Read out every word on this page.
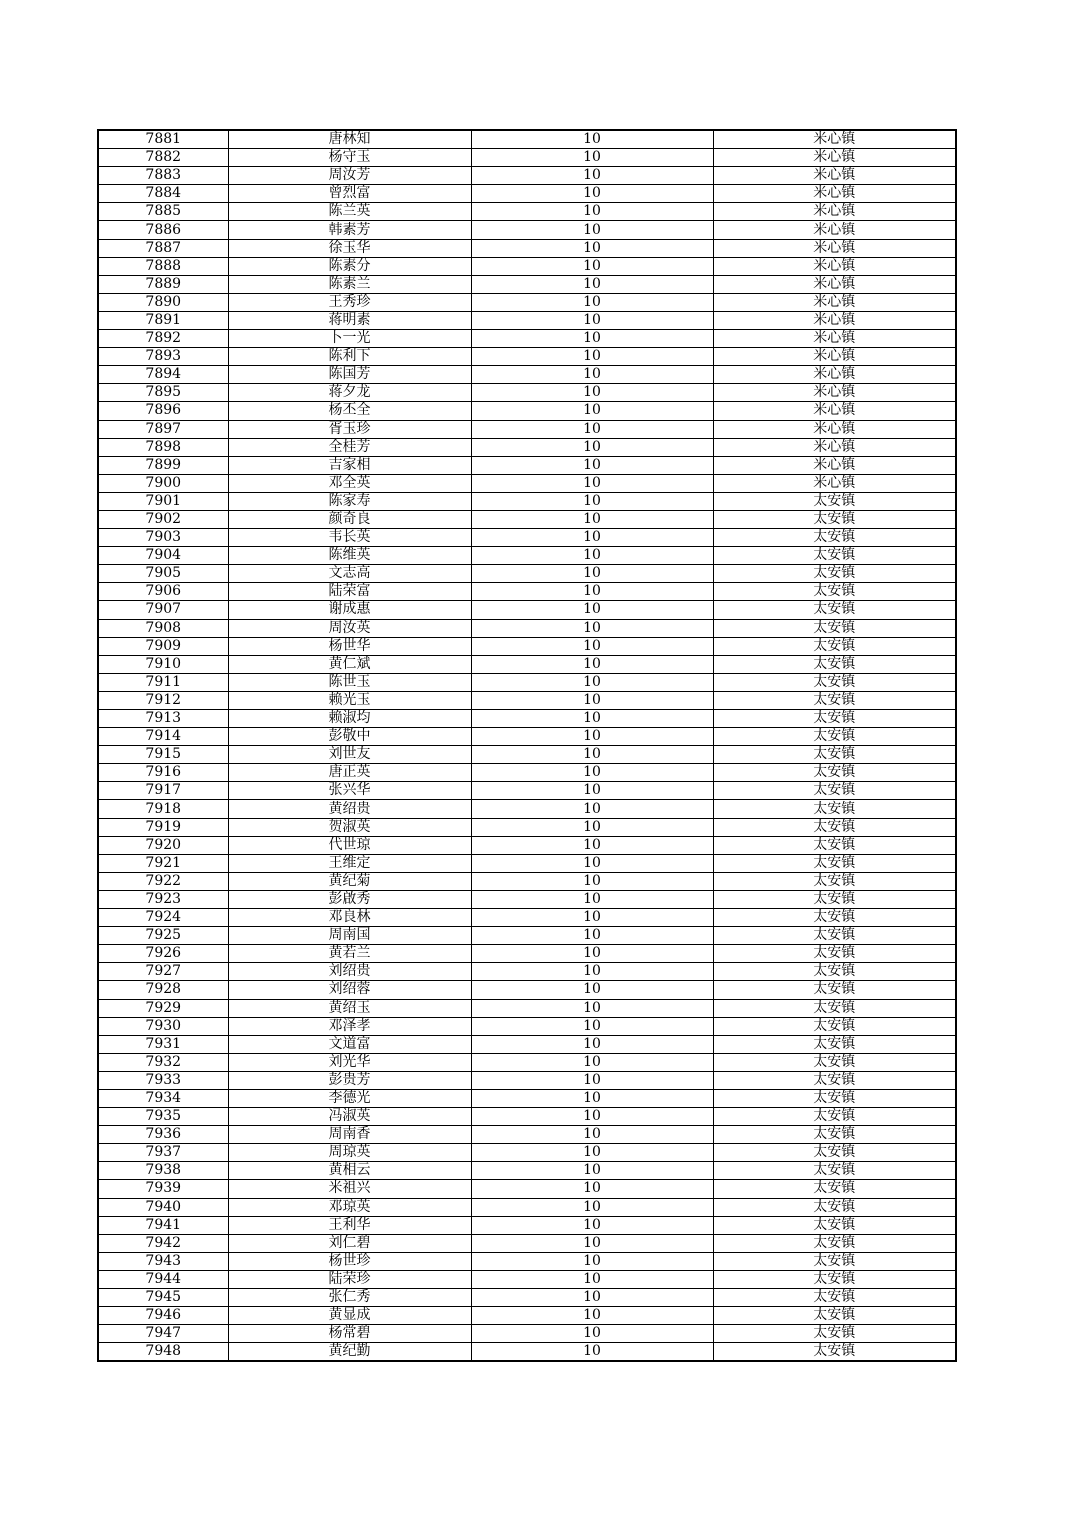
7881	唐林知	10	米心镇
7882	杨守玉	10	米心镇
7883	周汝芳	10	米心镇
7884	曾烈富	10	米心镇
7885	陈兰英	10	米心镇
7886	韩素芳	10	米心镇
7887	徐玉华	10	米心镇
7888	陈素分	10	米心镇
7889	陈素兰	10	米心镇
7890	王秀珍	10	米心镇
7891	蒋明素	10	米心镇
7892	卜一光	10	米心镇
7893	陈利下	10	米心镇
7894	陈国芳	10	米心镇
7895	蒋夕龙	10	米心镇
7896	杨丕全	10	米心镇
7897	胥玉珍	10	米心镇
7898	全桂芳	10	米心镇
7899	吉家相	10	米心镇
7900	邓全英	10	米心镇
7901	陈家寿	10	太安镇
7902	颜奇良	10	太安镇
7903	韦长英	10	太安镇
7904	陈维英	10	太安镇
7905	文志高	10	太安镇
7906	陆荣富	10	太安镇
7907	谢成惠	10	太安镇
7908	周汝英	10	太安镇
7909	杨世华	10	太安镇
7910	黄仁斌	10	太安镇
7911	陈世玉	10	太安镇
7912	赖光玉	10	太安镇
7913	赖淑均	10	太安镇
7914	彭敬中	10	太安镇
7915	刘世友	10	太安镇
7916	唐正英	10	太安镇
7917	张兴华	10	太安镇
7918	黄绍贵	10	太安镇
7919	贺淑英	10	太安镇
7920	代世琼	10	太安镇
7921	王维定	10	太安镇
7922	黄纪菊	10	太安镇
7923	彭啟秀	10	太安镇
7924	邓良林	10	太安镇
7925	周南国	10	太安镇
7926	黄若兰	10	太安镇
7927	刘绍贵	10	太安镇
7928	刘绍蓉	10	太安镇
7929	黄绍玉	10	太安镇
7930	邓泽孝	10	太安镇
7931	文道富	10	太安镇
7932	刘光华	10	太安镇
7933	彭贵芳	10	太安镇
7934	李德光	10	太安镇
7935	冯淑英	10	太安镇
7936	周南香	10	太安镇
7937	周琼英	10	太安镇
7938	黄相云	10	太安镇
7939	米祖兴	10	太安镇
7940	邓琼英	10	太安镇
7941	王利华	10	太安镇
7942	刘仁碧	10	太安镇
7943	杨世珍	10	太安镇
7944	陆荣珍	10	太安镇
7945	张仁秀	10	太安镇
7946	黄显成	10	太安镇
7947	杨常碧	10	太安镇
7948	黄纪勤	10	太安镇
